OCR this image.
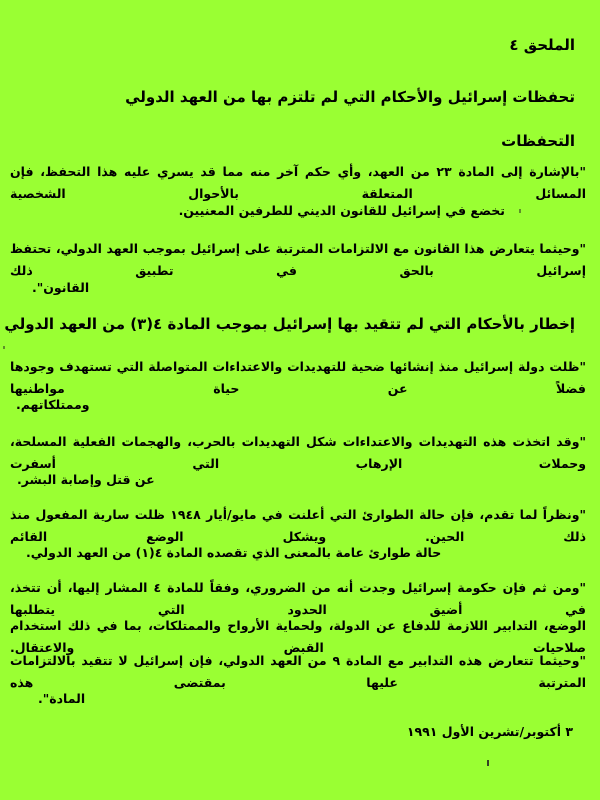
الملحق ٤
تحفظات إسرائيل والأحكام التي لم تلتزم بها من العهد الدولي
التحفظات
"بالإشارة إلى المادة ٢٣ من العهد، وأي حكم آخر منه مما قد يسري عليه هذا التحفظ، فإن المسائل المتعلقة بالأحوال الشخصية
تخضع في إسرائيل للقانون الديني للطرفين المعنيين.
"وحيثما يتعارض هذا القانون مع الالتزامات المترتبة على إسرائيل بموجب العهد الدولي، تحتفظ إسرائيل بالحق في تطبيق ذلك
القانون".
إخطار بالأحكام التي لم تتقيد بها إسرائيل بموجب المادة ٤(٣) من العهد الدولي
"ظلت دولة إسرائيل منذ إنشائها ضحية للتهديدات والاعتداءات المتواصلة التي تستهدف وجودها فضلاً عن حياة مواطنيها
وممتلكاتهم.
"وقد اتخذت هذه التهديدات والاعتداءات شكل التهديدات بالحرب، والهجمات الفعلية المسلحة، وحملات الإرهاب التي أسفرت
عن قتل وإصابة البشر.
"ونظراً لما تقدم، فإن حالة الطوارئ التي أعلنت في مايو/أيار ١٩٤٨ ظلت سارية المفعول منذ ذلك الحين. ويشكل الوضع القائم
حالة طوارئ عامة بالمعنى الذي تقصده المادة ٤(١) من العهد الدولي.
"ومن ثم فإن حكومة إسرائيل وجدت أنه من الضروري، وفقاً للمادة ٤ المشار إليها، أن تتخذ، في أضيق الحدود التي يتطلبها
الوضع، التدابير اللازمة للدفاع عن الدولة، ولحماية الأرواح والممتلكات، بما في ذلك استخدام صلاحيات القبض والاعتقال.
"وحيثما تتعارض هذه التدابير مع المادة ٩ من العهد الدولي، فإن إسرائيل لا تتقيد بالالتزامات المترتبة عليها بمقتضى هذه
المادة".
٣ أكتوبر/تشرين الأول ١٩٩١
